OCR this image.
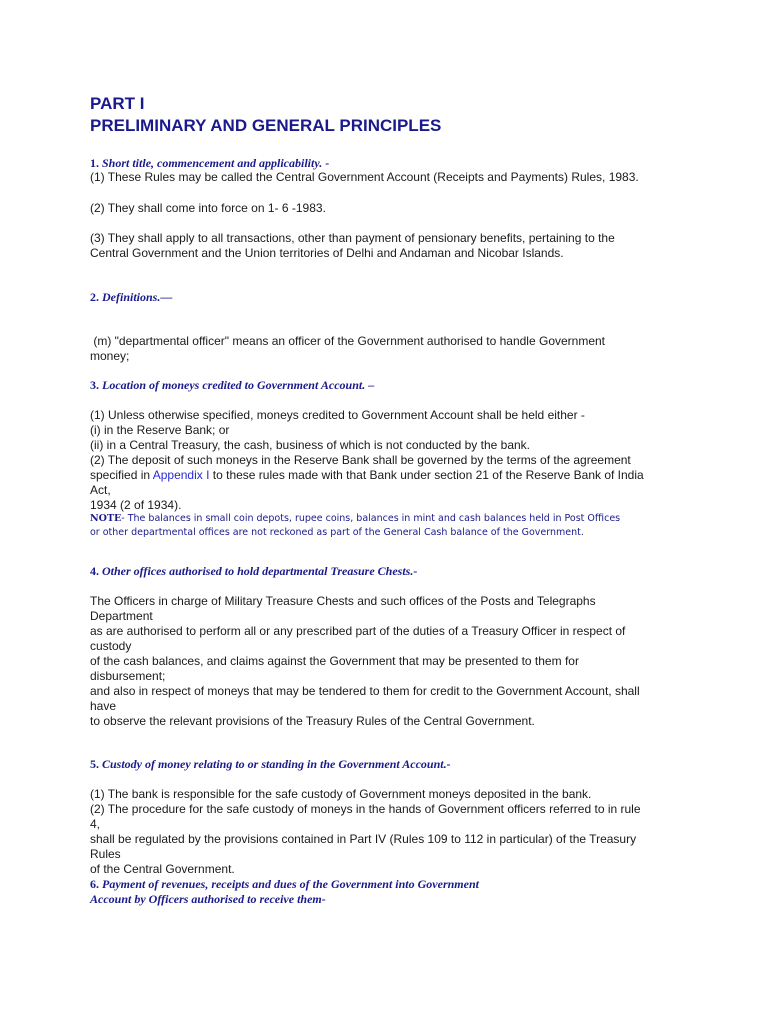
PART I
PRELIMINARY AND GENERAL PRINCIPLES
1. Short title, commencement and applicability. -
(1) These Rules may be called the Central Government Account (Receipts and Payments) Rules, 1983.
(2) They shall come into force on 1- 6 -1983.
(3) They shall apply to all transactions, other than payment of pensionary benefits, pertaining to the
Central Government and the Union territories of Delhi and Andaman and Nicobar Islands.
2. Definitions.—
(m) "departmental officer" means an officer of the Government authorised to handle Government
money;
3. Location of moneys credited to Government Account. –
(1) Unless otherwise specified, moneys credited to Government Account shall be held either -
(i) in the Reserve Bank; or
(ii) in a Central Treasury, the cash, business of which is not conducted by the bank.
(2) The deposit of such moneys in the Reserve Bank shall be governed by the terms of the agreement
specified in Appendix I to these rules made with that Bank under section 21 of the Reserve Bank of India
Act,
1934 (2 of 1934).
NOTE- The balances in small coin depots, rupee coins, balances in mint and cash balances held in Post Offices
or other departmental offices are not reckoned as part of the General Cash balance of the Government.
4. Other offices authorised to hold departmental Treasure Chests.-
The Officers in charge of Military Treasure Chests and such offices of the Posts and Telegraphs
Department
as are authorised to perform all or any prescribed part of the duties of a Treasury Officer in respect of
custody
of the cash balances, and claims against the Government that may be presented to them for
disbursement;
and also in respect of moneys that may be tendered to them for credit to the Government Account, shall
have
to observe the relevant provisions of the Treasury Rules of the Central Government.
5. Custody of money relating to or standing in the Government Account.-
(1) The bank is responsible for the safe custody of Government moneys deposited in the bank.
(2) The procedure for the safe custody of moneys in the hands of Government officers referred to in rule
4,
shall be regulated by the provisions contained in Part IV (Rules 109 to 112 in particular) of the Treasury
Rules
of the Central Government.
6. Payment of revenues, receipts and dues of the Government into Government
Account by Officers authorised to receive them-
